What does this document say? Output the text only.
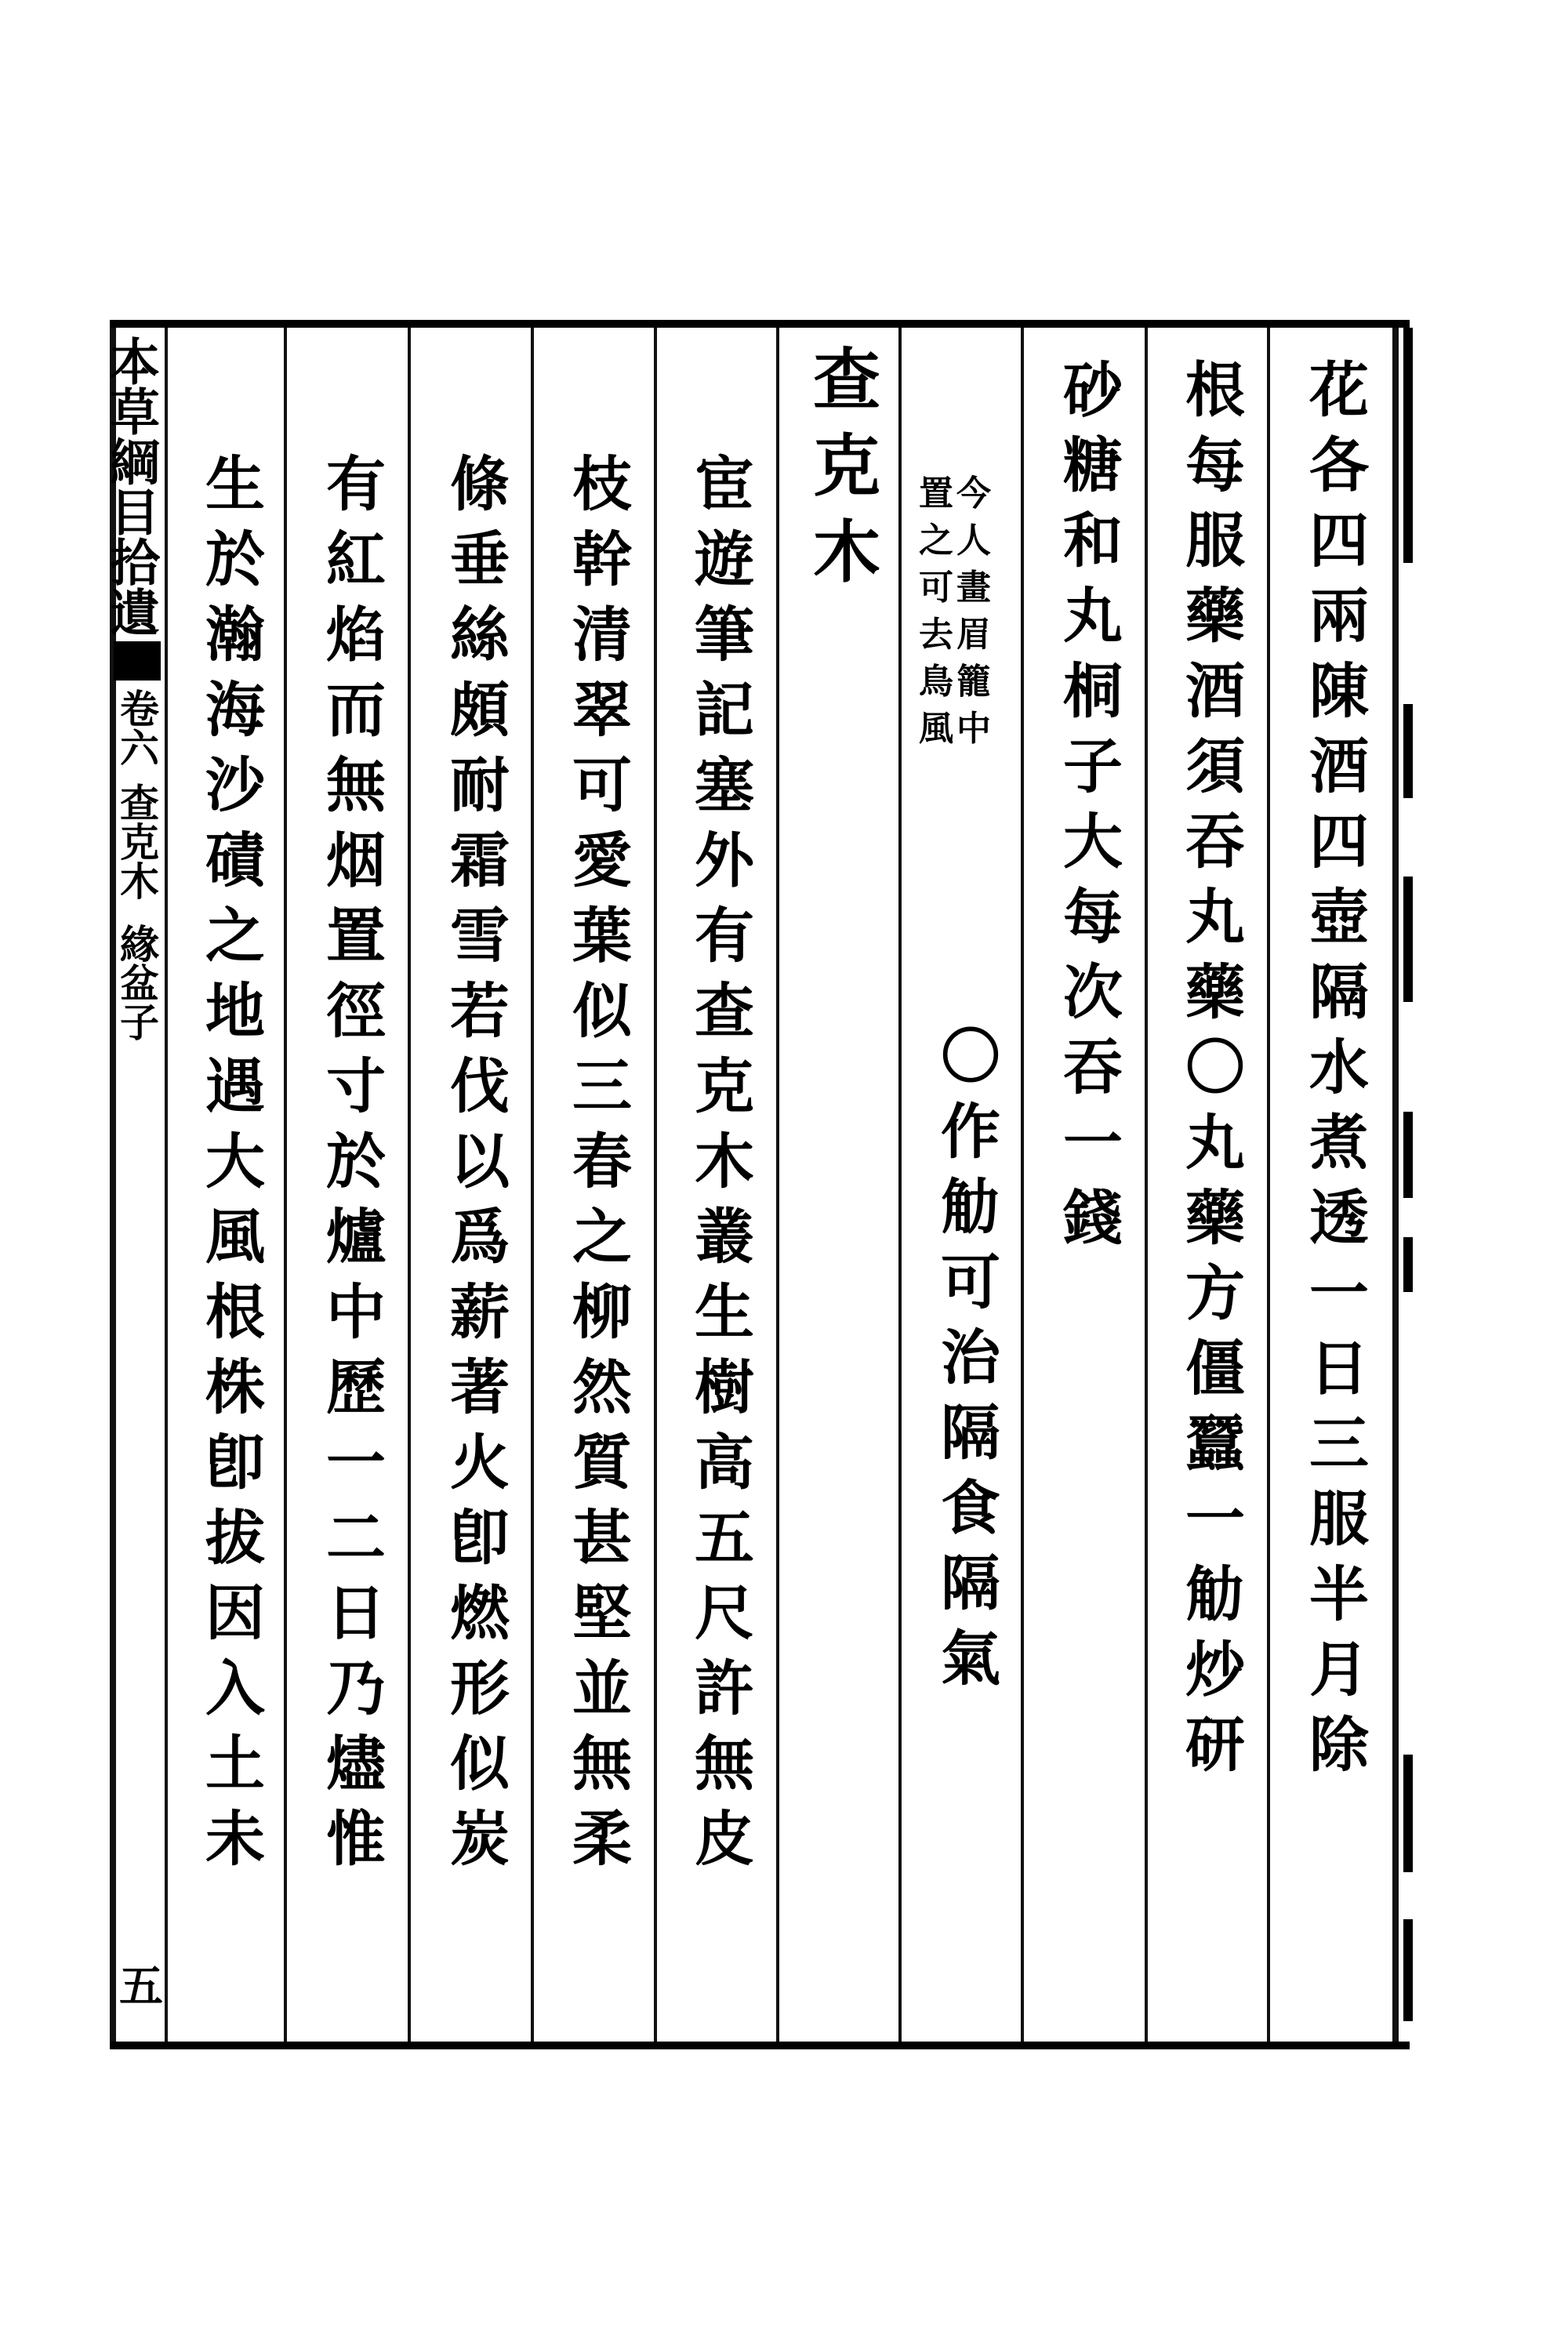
本草綱目拾遺
卷六
查克木
緣盆子
五
花
各
四
兩
陳
酒
四
壺
隔
水
煮
透
一
日
三
服
半
月
除
根
每
服
藥
酒
須
吞
丸
藥
〇
丸
藥
方
僵
蠶
一
觔
炒
研
砂
糖
和
丸
桐
子
大
每
次
吞
一
錢
今
人
畫
眉
籠
中
置
之
可
去
鳥
風
〇
作
觔
可
治
隔
食
隔
氣
查
克
木
宦
遊
筆
記
塞
外
有
查
克
木
叢
生
樹
高
五
尺
許
無
皮
枝
幹
清
翠
可
愛
葉
似
三
春
之
柳
然
質
甚
堅
並
無
柔
條
垂
絲
頗
耐
霜
雪
若
伐
以
爲
薪
著
火
卽
燃
形
似
炭
有
紅
焰
而
無
烟
置
徑
寸
於
爐
中
歷
一
二
日
乃
燼
惟
生
於
瀚
海
沙
磧
之
地
遇
大
風
根
株
卽
拔
因
入
土
未
